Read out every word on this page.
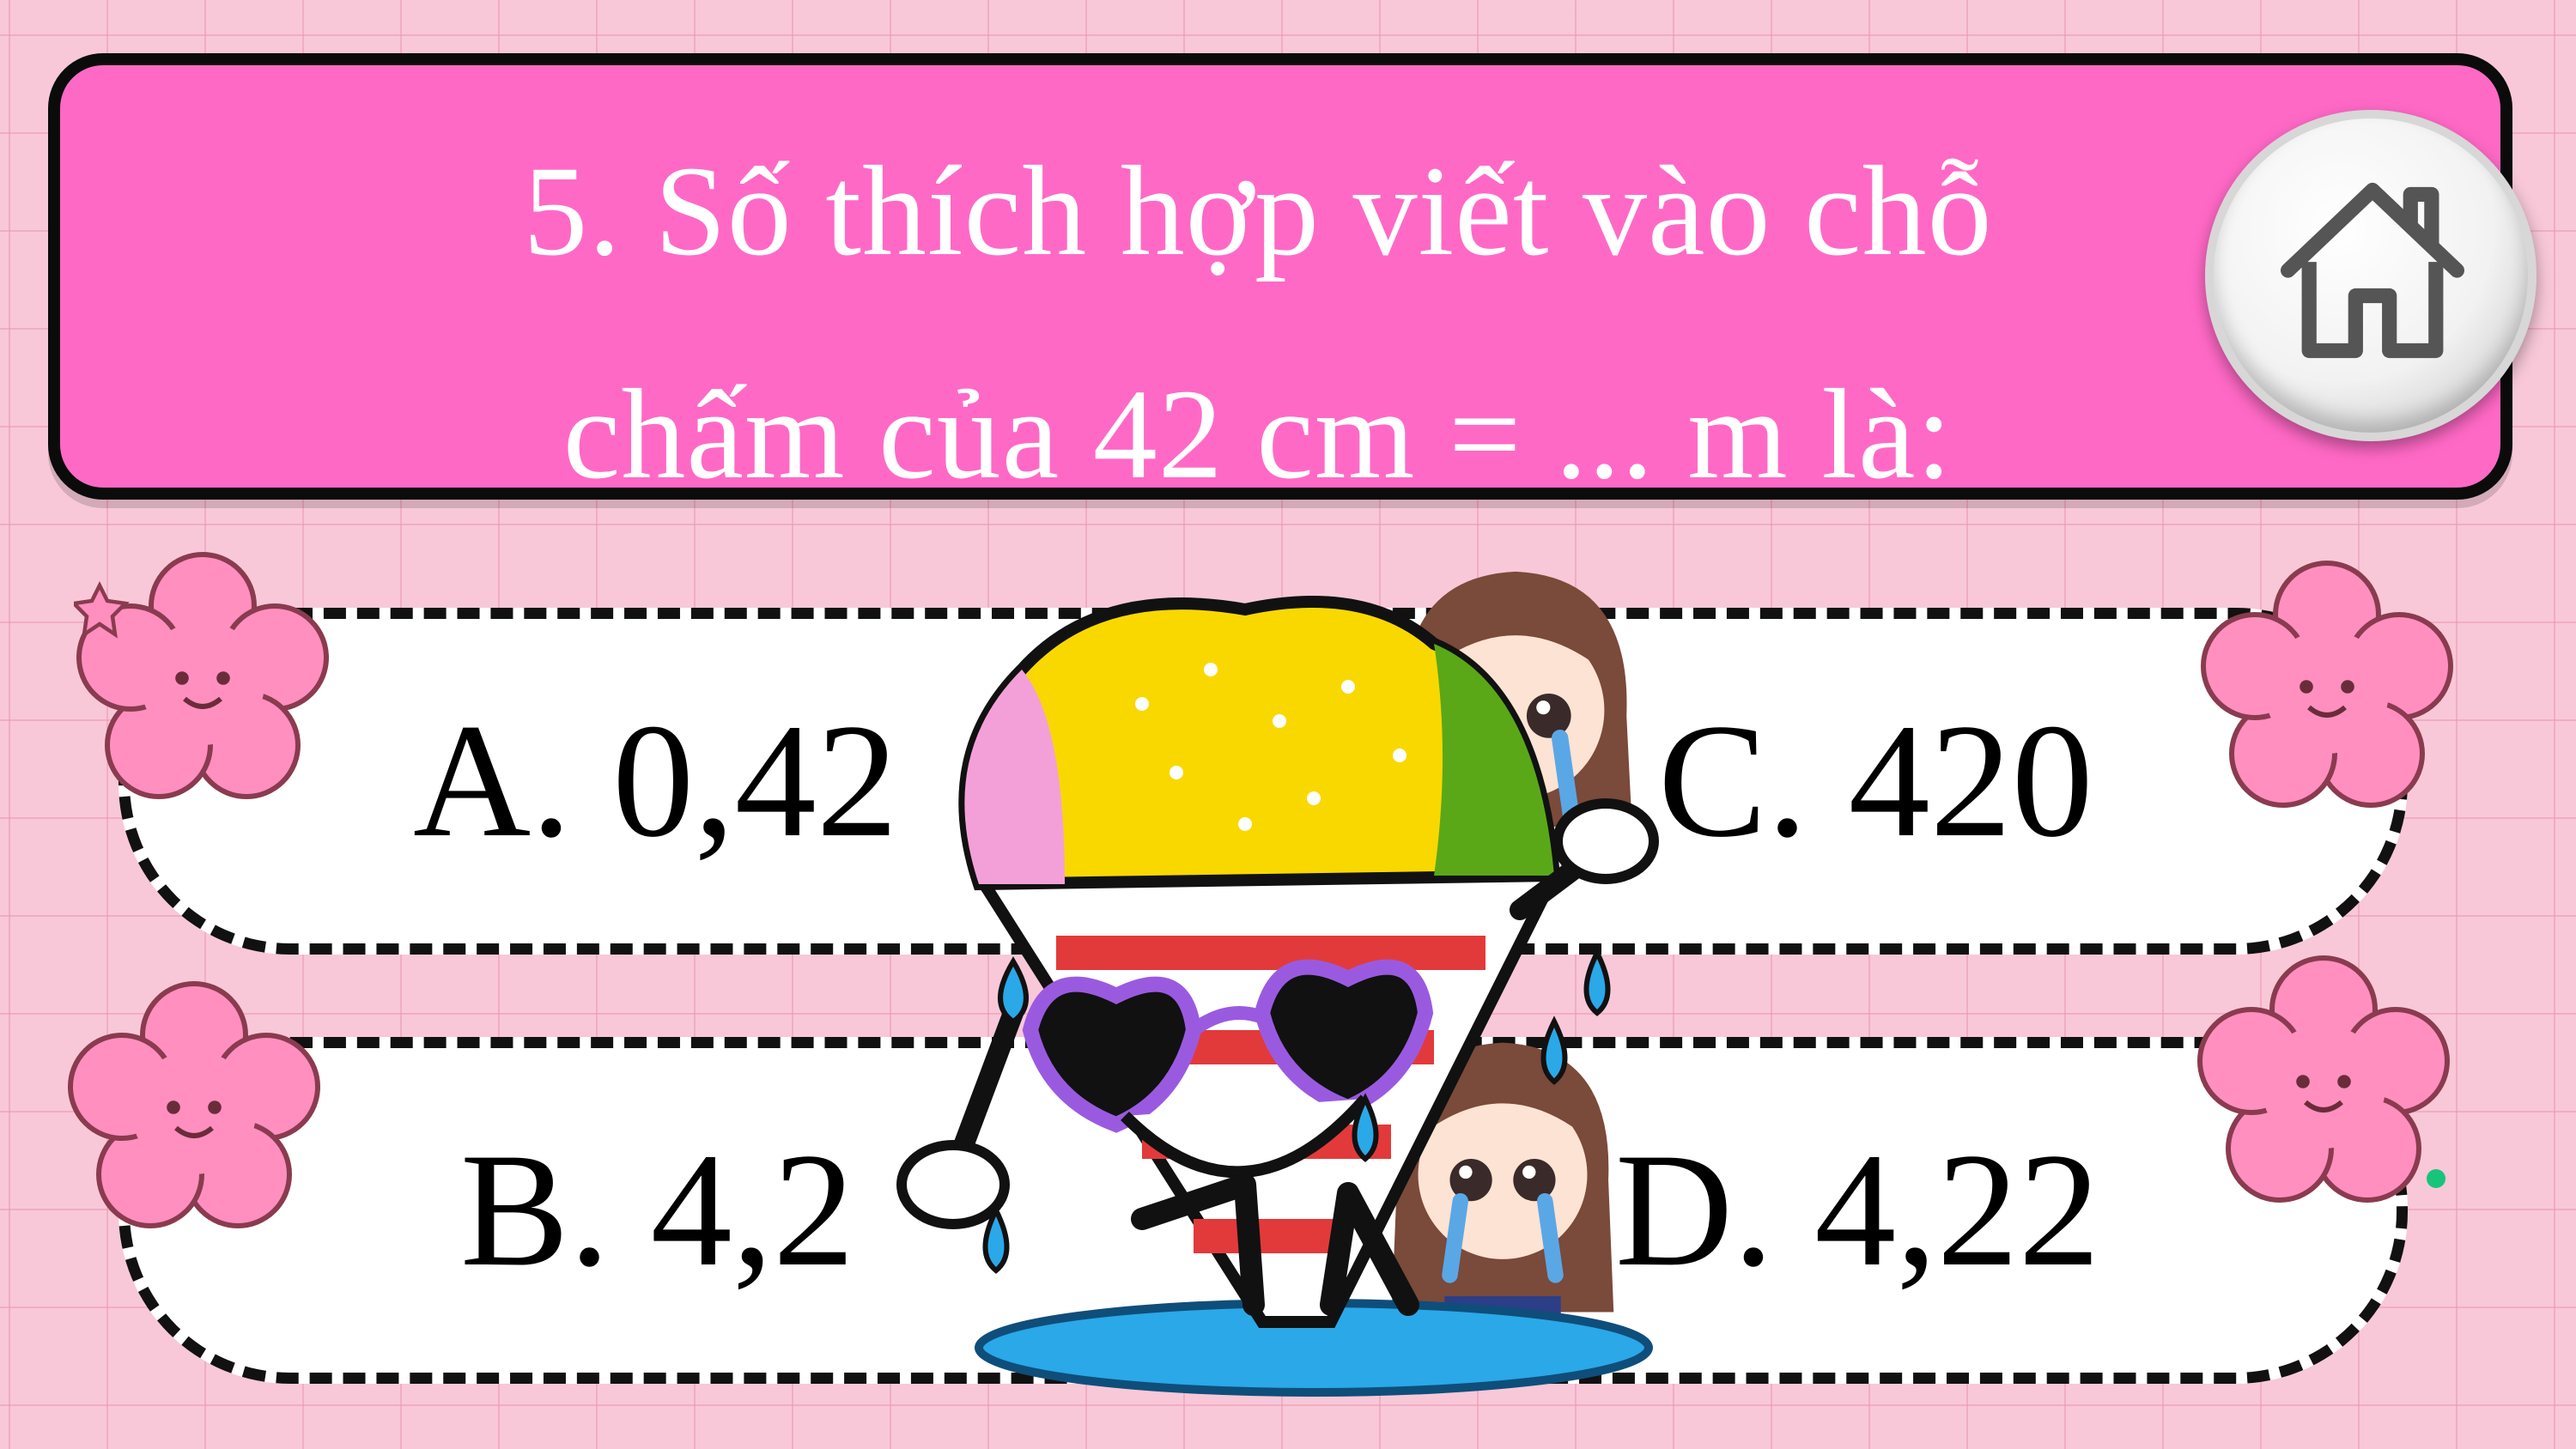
5. Số thích hợp viết vào chỗ
chấm của 42 cm = ... m là:
A. 0,42	C. 420
B. 4,2	D. 4,22
